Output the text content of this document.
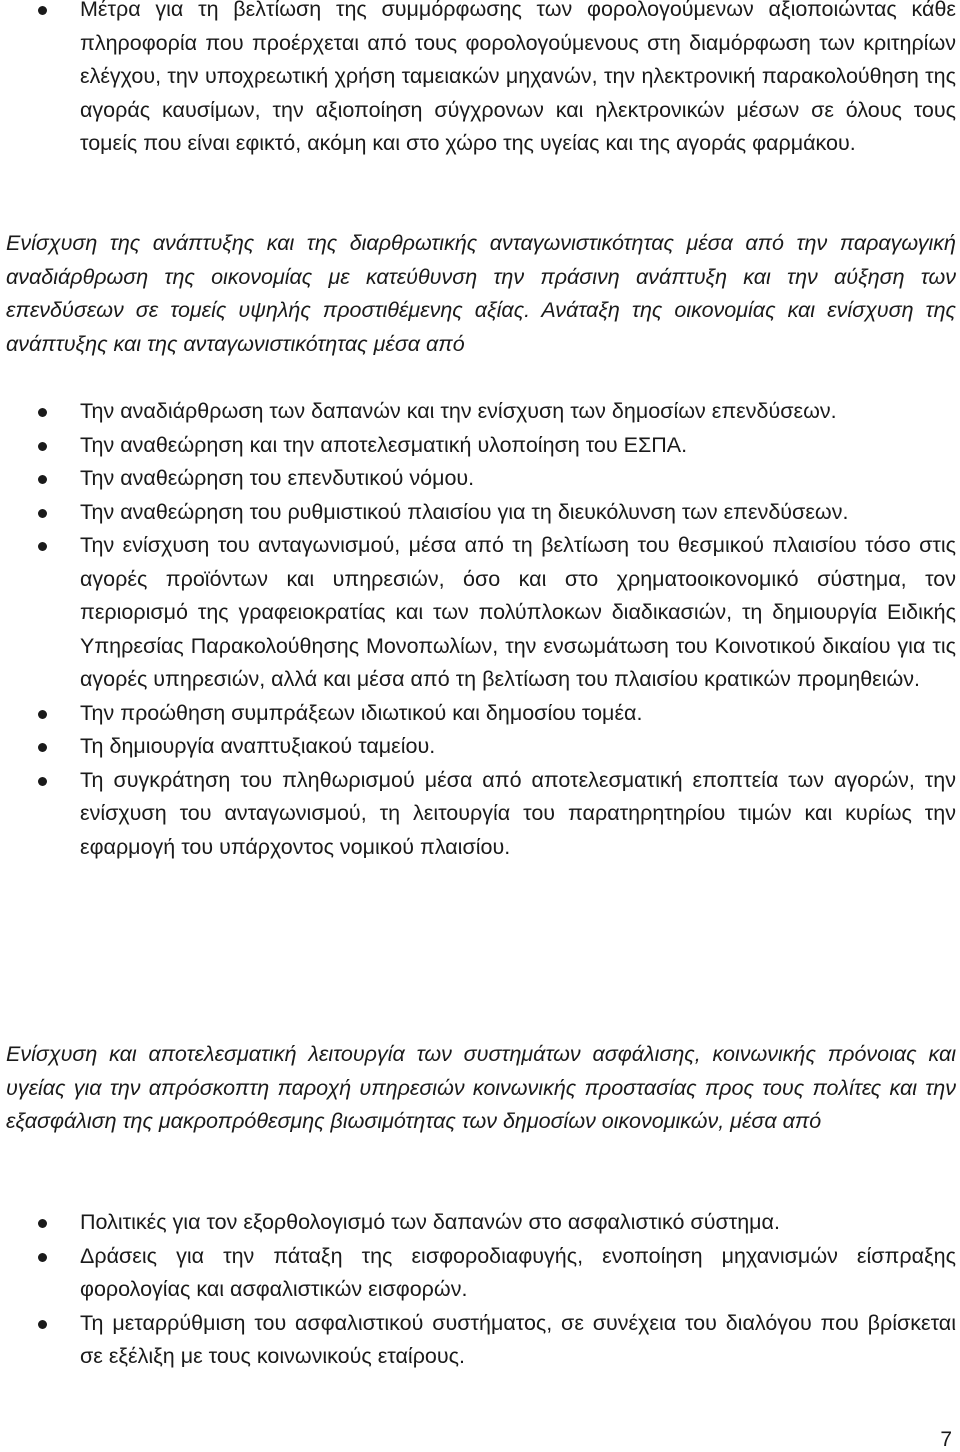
Μέτρα για τη βελτίωση της συμμόρφωσης των φορολογούμενων αξιοποιώντας κάθε πληροφορία που προέρχεται από τους φορολογούμενους στη διαμόρφωση των κριτηρίων ελέγχου, την υποχρεωτική χρήση ταμειακών μηχανών, την ηλεκτρονική παρακολούθηση της αγοράς καυσίμων, την αξιοποίηση σύγχρονων και ηλεκτρονικών μέσων σε όλους τους τομείς που είναι εφικτό, ακόμη και στο χώρο της υγείας και της αγοράς φαρμάκου.
Ενίσχυση της ανάπτυξης και της διαρθρωτικής ανταγωνιστικότητας μέσα από την παραγωγική αναδιάρθρωση της οικονομίας με κατεύθυνση την πράσινη ανάπτυξη και την αύξηση των επενδύσεων σε τομείς υψηλής προστιθέμενης αξίας. Ανάταξη της οικονομίας και ενίσχυση της ανάπτυξης και της ανταγωνιστικότητας μέσα από
Την αναδιάρθρωση των δαπανών και την ενίσχυση των δημοσίων επενδύσεων.
Την αναθεώρηση και την αποτελεσματική υλοποίηση του ΕΣΠΑ.
Την αναθεώρηση του επενδυτικού νόμου.
Την αναθεώρηση του ρυθμιστικού πλαισίου για τη διευκόλυνση των επενδύσεων.
Την ενίσχυση του ανταγωνισμού, μέσα από τη βελτίωση του θεσμικού πλαισίου τόσο στις αγορές προϊόντων και υπηρεσιών, όσο και στο χρηματοοικονομικό σύστημα, τον περιορισμό της γραφειοκρατίας και των πολύπλοκων διαδικασιών, τη δημιουργία Ειδικής Υπηρεσίας Παρακολούθησης Μονοπωλίων, την ενσωμάτωση του Κοινοτικού δικαίου για τις αγορές υπηρεσιών, αλλά και μέσα από τη βελτίωση του πλαισίου κρατικών προμηθειών.
Την προώθηση συμπράξεων ιδιωτικού και δημοσίου τομέα.
Τη δημιουργία αναπτυξιακού ταμείου.
Τη συγκράτηση του πληθωρισμού μέσα από αποτελεσματική εποπτεία των αγορών, την ενίσχυση του ανταγωνισμού, τη λειτουργία του παρατηρητηρίου τιμών και κυρίως την εφαρμογή του υπάρχοντος νομικού πλαισίου.
Ενίσχυση και αποτελεσματική λειτουργία των συστημάτων ασφάλισης, κοινωνικής πρόνοιας και υγείας για την απρόσκοπτη παροχή υπηρεσιών κοινωνικής προστασίας προς τους πολίτες και την εξασφάλιση της μακροπρόθεσμης βιωσιμότητας των δημοσίων οικονομικών, μέσα από
Πολιτικές για τον εξορθολογισμό των δαπανών στο ασφαλιστικό σύστημα.
Δράσεις για την πάταξη της εισφοροδιαφυγής, ενοποίηση μηχανισμών είσπραξης φορολογίας και ασφαλιστικών εισφορών.
Τη μεταρρύθμιση του ασφαλιστικού συστήματος, σε συνέχεια του διαλόγου που βρίσκεται σε εξέλιξη με τους κοινωνικούς εταίρους.
7
